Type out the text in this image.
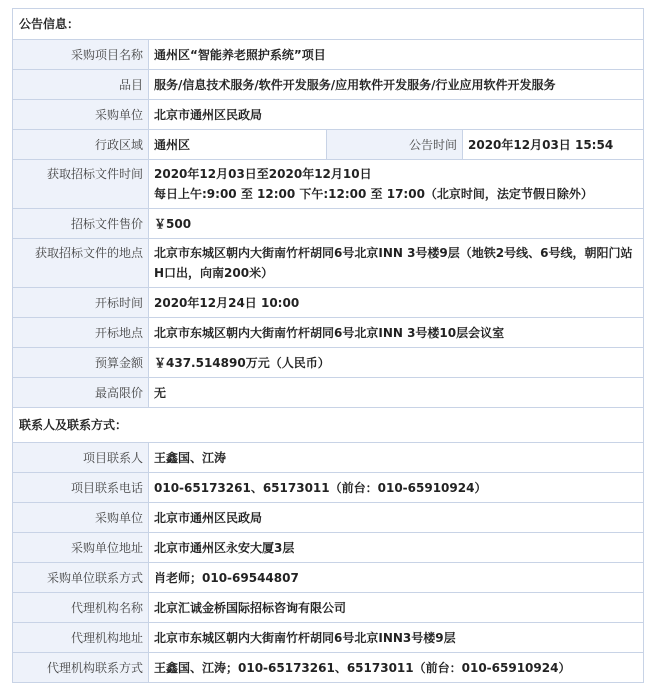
公告信息：			
采购项目名称	通州区“智能养老照护系统”项目		
品目	服务/信息技术服务/软件开发服务/应用软件开发服务/行业应用软件开发服务		
采购单位	北京市通州区民政局		
行政区域	通州区	公告时间	2020年12月03日 15:54
获取招标文件时间	2020年12月03日至2020年12月10日
每日上午:9:00 至 12:00 下午:12:00 至 17:00（北京时间，法定节假日除外）		

招标文件售价	￥500		
获取招标文件的地点	北京市东城区朝内大街南竹杆胡同6号北京INN 3号楼9层（地铁2号线、6号线，朝阳门站H口出，向南200米）		
开标时间	2020年12月24日 10:00		
开标地点	北京市东城区朝内大街南竹杆胡同6号北京INN 3号楼10层会议室		
预算金额	￥437.514890万元（人民币）		
最高限价	无		
联系人及联系方式：			
项目联系人	王鑫国、江涛		
项目联系电话	010-65173261、65173011（前台：010-65910924）		
采购单位	北京市通州区民政局		
采购单位地址	北京市通州区永安大厦3层		
采购单位联系方式	肖老师；010-69544807		
代理机构名称	北京汇诚金桥国际招标咨询有限公司		
代理机构地址	北京市东城区朝内大街南竹杆胡同6号北京INN3号楼9层		
代理机构联系方式	王鑫国、江涛；010-65173261、65173011（前台：010-65910924）		
